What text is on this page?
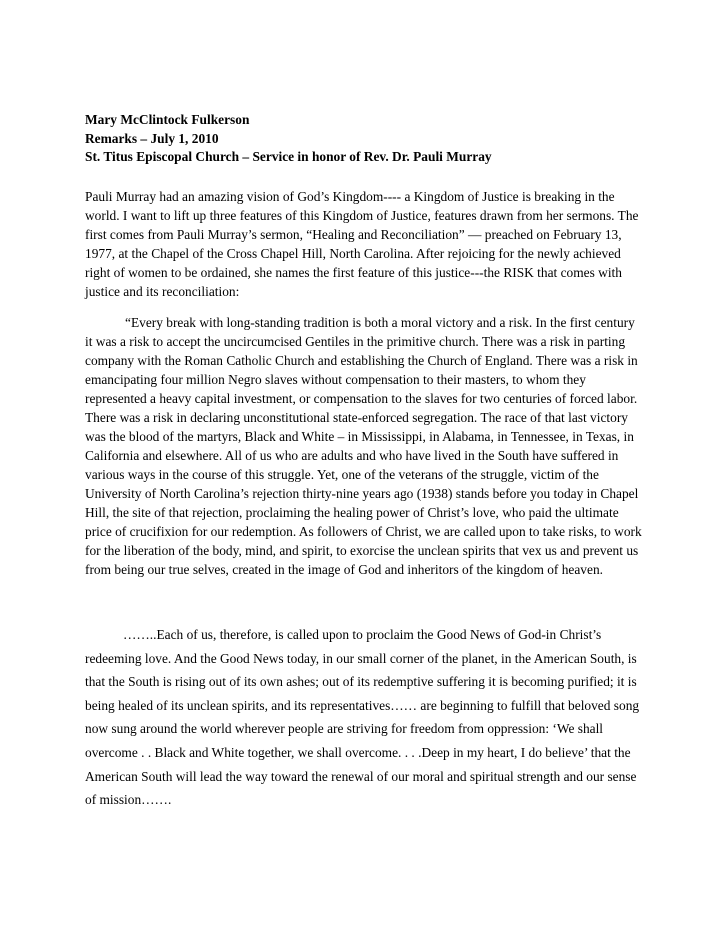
Mary McClintock Fulkerson
Remarks – July 1, 2010
St. Titus Episcopal Church – Service in honor of Rev. Dr. Pauli Murray

Pauli Murray had an amazing vision of God’s Kingdom---- a Kingdom of Justice is breaking in the world. I want to lift up three features of this Kingdom of Justice, features drawn from her sermons. The first comes from Pauli Murray’s sermon, “Healing and Reconciliation” — preached on February 13, 1977, at the Chapel of the Cross Chapel Hill, North Carolina. After rejoicing for the newly achieved right of women to be ordained, she names the first feature of this justice---the RISK that comes with justice and its reconciliation:

“Every break with long-standing tradition is both a moral victory and a risk. In the first century it was a risk to accept the uncircumcised Gentiles in the primitive church. There was a risk in parting company with the Roman Catholic Church and establishing the Church of England. There was a risk in emancipating four million Negro slaves without compensation to their masters, to whom they represented a heavy capital investment, or compensation to the slaves for two centuries of forced labor. There was a risk in declaring unconstitutional state-enforced segregation. The race of that last victory was the blood of the martyrs, Black and White – in Mississippi, in Alabama, in Tennessee, in Texas, in California and elsewhere. All of us who are adults and who have lived in the South have suffered in various ways in the course of this struggle. Yet, one of the veterans of the struggle, victim of the University of North Carolina’s rejection thirty-nine years ago (1938) stands before you today in Chapel Hill, the site of that rejection, proclaiming the healing power of Christ’s love, who paid the ultimate price of crucifixion for our redemption. As followers of Christ, we are called upon to take risks, to work for the liberation of the body, mind, and spirit, to exorcise the unclean spirits that vex us and prevent us from being our true selves, created in the image of God and inheritors of the kingdom of heaven.

……..Each of us, therefore, is called upon to proclaim the Good News of God-in Christ’s redeeming love. And the Good News today, in our small corner of the planet, in the American South, is that the South is rising out of its own ashes; out of its redemptive suffering it is becoming purified; it is being healed of its unclean spirits, and its representatives…… are beginning to fulfill that beloved song now sung around the world wherever people are striving for freedom from oppression: ‘We shall overcome . . Black and White together, we shall overcome. . . .Deep in my heart, I do believe’ that the American South will lead the way toward the renewal of our moral and spiritual strength and our sense of mission…….
